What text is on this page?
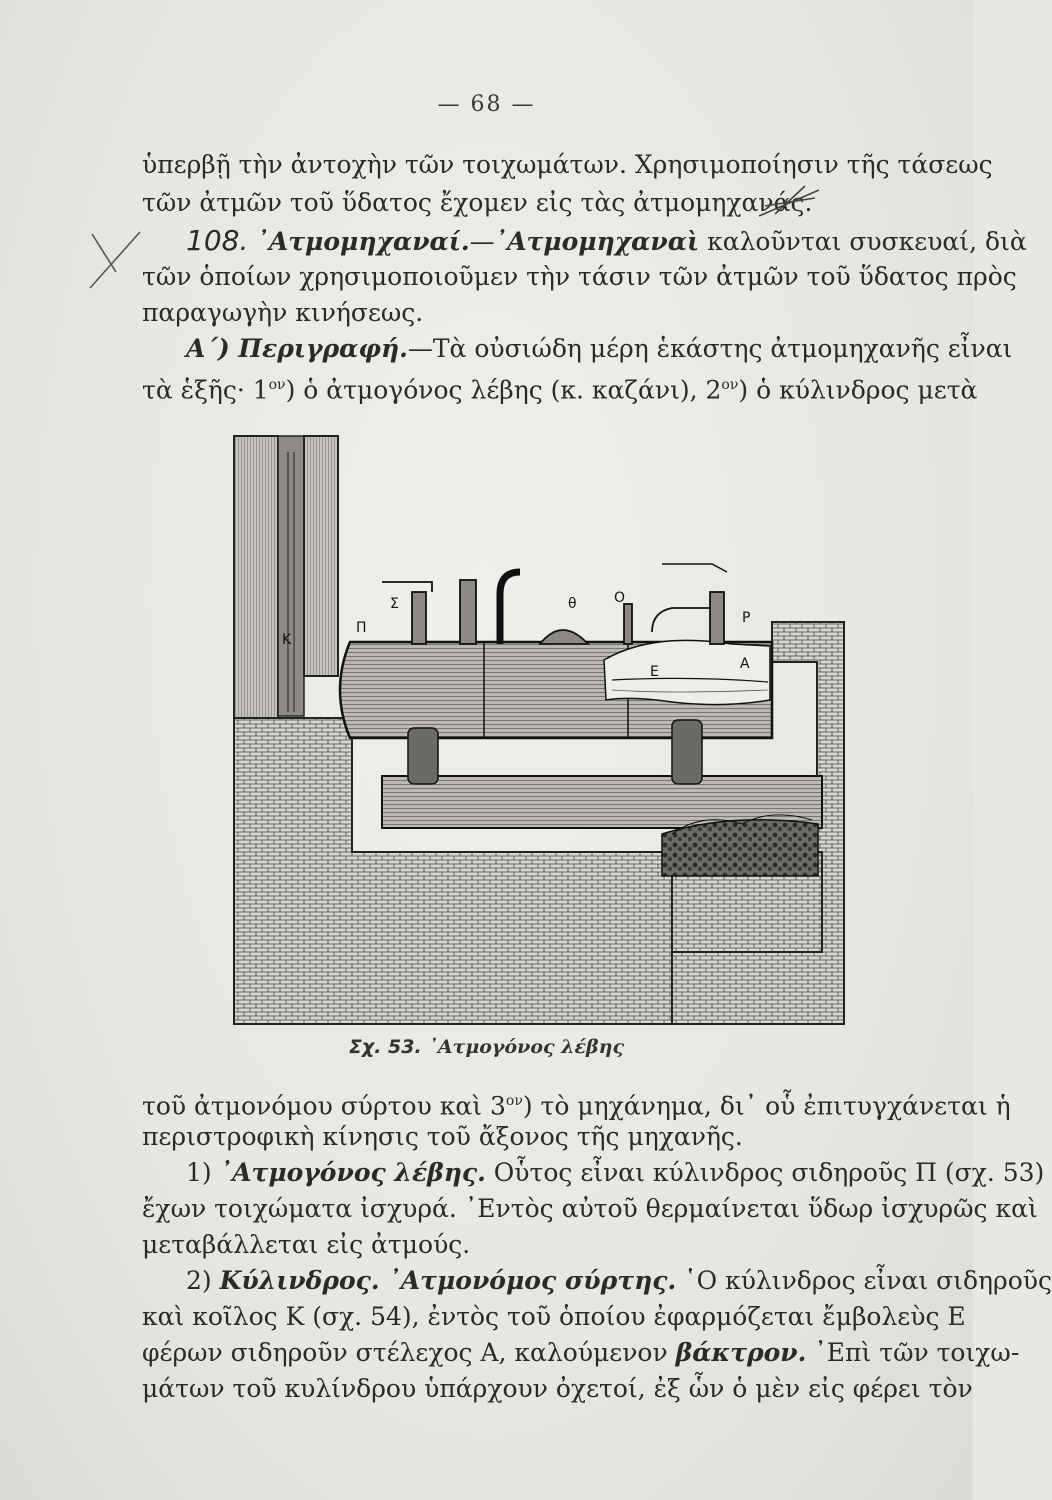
— 68 —
ὑπερβῇ τὴν ἀντοχὴν τῶν τοιχωμάτων. Χρησιμοποίησιν τῆς τάσεως
τῶν ἀτμῶν τοῦ ὕδατος ἔχομεν εἰς τὰς ἀτμομηχανάς.
108. ᾽Ατμομηχαναί.—᾽Ατμομηχαναὶ καλοῦνται συσκευαί, διὰ
τῶν ὁποίων χρησιμοποιοῦμεν τὴν τάσιν τῶν ἀτμῶν τοῦ ὕδατος πρὸς
παραγωγὴν κινήσεως.
Α΄) Περιγραφή.—Τὰ οὐσιώδη μέρη ἑκάστης ἀτμομηχανῆς εἶναι
τὰ ἑξῆς· $1^{o\nu}$) ὁ ἀτμογόνος λέβης (κ. καζάνι), $2^{o\nu}$) ὁ κύλινδρος μετὰ
Κ
Π
Σ	θ	Ο
Ρ
Ε	Α
Σχ. 53. ᾽Ατμογόνος λέβης
τοῦ ἀτμονόμου σύρτου καὶ $3^{o\nu}$) τὸ μηχάνημα, δι᾽ οὗ ἐπιτυγχάνεται ἡ
περιστροφικὴ κίνησις τοῦ ἄξονος τῆς μηχανῆς.
1) ᾽Ατμογόνος λέβης. Οὗτος εἶναι κύλινδρος σιδηροῦς Π (σχ. 53)
ἔχων τοιχώματα ἰσχυρά. ᾽Εντὸς αὐτοῦ θερμαίνεται ὕδωρ ἰσχυρῶς καὶ
μεταβάλλεται εἰς ἀτμούς.
2) Κύλινδρος. ᾽Ατμονόμος σύρτης. ῾Ο κύλινδρος εἶναι σιδηροῦς
καὶ κοῖλος Κ (σχ. 54), ἐντὸς τοῦ ὁποίου ἐφαρμόζεται ἔμβολεὺς Ε
φέρων σιδηροῦν στέλεχος Α, καλούμενον βάκτρον. ᾽Επὶ τῶν τοιχω-
μάτων τοῦ κυλίνδρου ὑπάρχουν ὀχετοί, ἐξ ὧν ὁ μὲν εἰς φέρει τὸν
